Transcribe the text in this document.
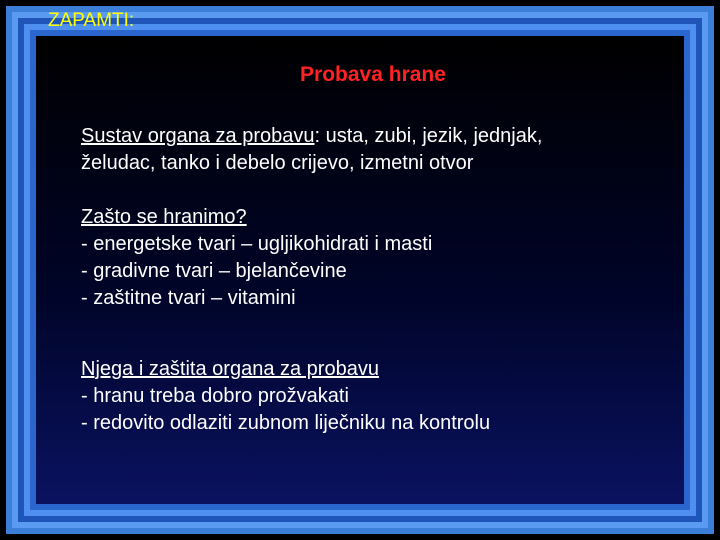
ZAPAMTI:
Probava hrane
Sustav organa za probavu: usta, zubi, jezik, jednjak,
želudac, tanko i debelo crijevo, izmetni otvor
Zašto se hranimo?
- energetske tvari – ugljikohidrati i masti
- gradivne tvari – bjelančevine
- zaštitne tvari – vitamini
Njega i zaštita organa za probavu
- hranu treba dobro prožvakati
- redovito odlaziti zubnom liječniku na kontrolu
